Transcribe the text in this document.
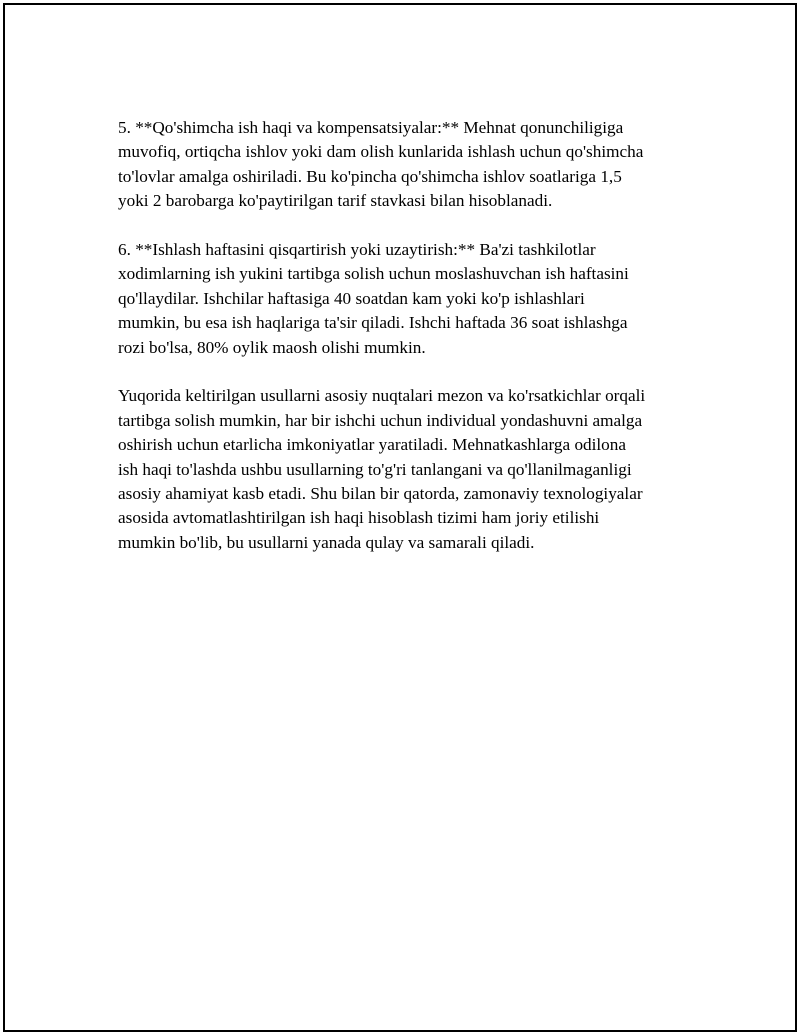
5. **Qo'shimcha ish haqi va kompensatsiyalar:** Mehnat qonunchiligiga
muvofiq, ortiqcha ishlov yoki dam olish kunlarida ishlash uchun qo'shimcha
to'lovlar amalga oshiriladi. Bu ko'pincha qo'shimcha ishlov soatlariga 1,5
yoki 2 barobarga ko'paytirilgan tarif stavkasi bilan hisoblanadi.
6. **Ishlash haftasini qisqartirish yoki uzaytirish:** Ba'zi tashkilotlar
xodimlarning ish yukini tartibga solish uchun moslashuvchan ish haftasini
qo'llaydilar. Ishchilar haftasiga 40 soatdan kam yoki ko'p ishlashlari
mumkin, bu esa ish haqlariga ta'sir qiladi. Ishchi haftada 36 soat ishlashga
rozi bo'lsa, 80% oylik maosh olishi mumkin.
Yuqorida keltirilgan usullarni asosiy nuqtalari mezon va ko'rsatkichlar orqali
tartibga solish mumkin, har bir ishchi uchun individual yondashuvni amalga
oshirish uchun etarlicha imkoniyatlar yaratiladi. Mehnatkashlarga odilona
ish haqi to'lashda ushbu usullarning to'g'ri tanlangani va qo'llanilmaganligi
asosiy ahamiyat kasb etadi. Shu bilan bir qatorda, zamonaviy texnologiyalar
asosida avtomatlashtirilgan ish haqi hisoblash tizimi ham joriy etilishi
mumkin bo'lib, bu usullarni yanada qulay va samarali qiladi.
